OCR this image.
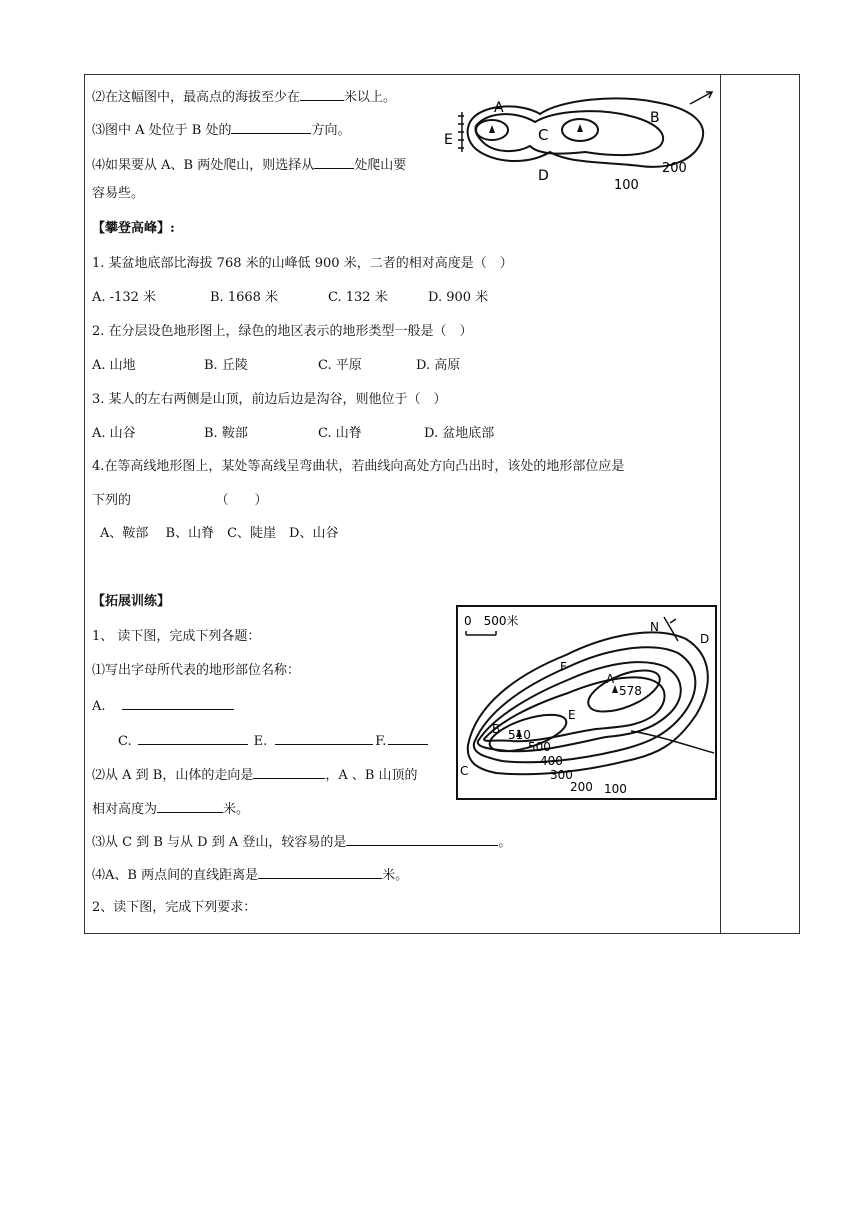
⑵在这幅图中，最高点的海拔至少在	米以上。
⑶图中 A 处位于 B 处的	方向。
⑷如果要从 A、B 两处爬山，则选择从	处爬山要
容易些。
A
B
C
D
E
200
100
【攀登高峰】:
1. 某盆地底部比海拔 768 米的山峰低 900 米，二者的相对高度是（　）
A. -132 米	B. 1668 米	C. 132 米	D. 900 米
2. 在分层设色地形图上，绿色的地区表示的地形类型一般是（　）
A. 山地	B. 丘陵	C. 平原	D. 高原
3. 某人的左右两侧是山顶，前边后边是沟谷，则他位于（　）
A. 山谷	B. 鞍部	C. 山脊	D. 盆地底部
4.在等高线地形图上，某处等高线呈弯曲状，若曲线向高处方向凸出时，该处的地形部位应是
下列的　　　　　　　（　　）
A、鞍部　 B、山脊　C、陡崖　D、山谷
【拓展训练】
1、 读下图，完成下列各题：
⑴写出字母所代表的地形部位名称：
A.
C.	E.	F.
⑵从 A 到 B，山体的走向是	，A 、B 山顶的
相对高度为	米。
⑶从 C 到 B 与从 D 到 A 登山，较容易的是	。
⑷A、B 两点间的直线距离是	米。
2、读下图，完成下列要求：
0　500米	N
A
578
B 510
C
D
E
F
500
400
300
200 100
